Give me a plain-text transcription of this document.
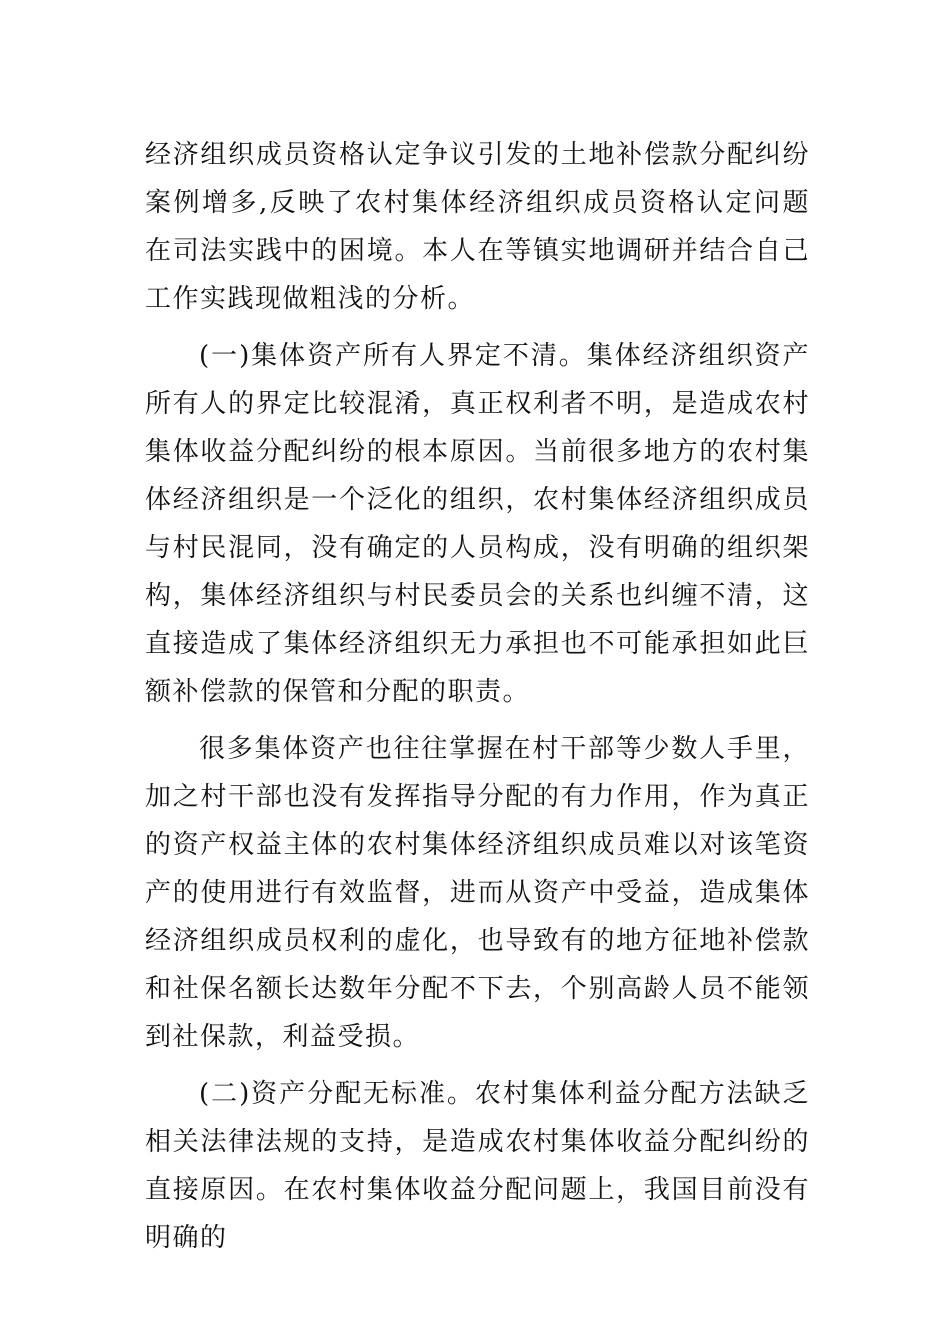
经济组织成员资格认定争议引发的土地补偿款分配纠纷案例增多,反映了农村集体经济组织成员资格认定问题在司法实践中的困境。本人在等镇实地调研并结合自己工作实践现做粗浅的分析。

(一)集体资产所有人界定不清。集体经济组织资产所有人的界定比较混淆，真正权利者不明，是造成农村集体收益分配纠纷的根本原因。当前很多地方的农村集体经济组织是一个泛化的组织，农村集体经济组织成员与村民混同，没有确定的人员构成，没有明确的组织架构，集体经济组织与村民委员会的关系也纠缠不清，这直接造成了集体经济组织无力承担也不可能承担如此巨额补偿款的保管和分配的职责。

很多集体资产也往往掌握在村干部等少数人手里，加之村干部也没有发挥指导分配的有力作用，作为真正的资产权益主体的农村集体经济组织成员难以对该笔资产的使用进行有效监督，进而从资产中受益，造成集体经济组织成员权利的虚化，也导致有的地方征地补偿款和社保名额长达数年分配不下去，个别高龄人员不能领到社保款，利益受损。

(二)资产分配无标准。农村集体利益分配方法缺乏相关法律法规的支持，是造成农村集体收益分配纠纷的直接原因。在农村集体收益分配问题上，我国目前没有明确的
